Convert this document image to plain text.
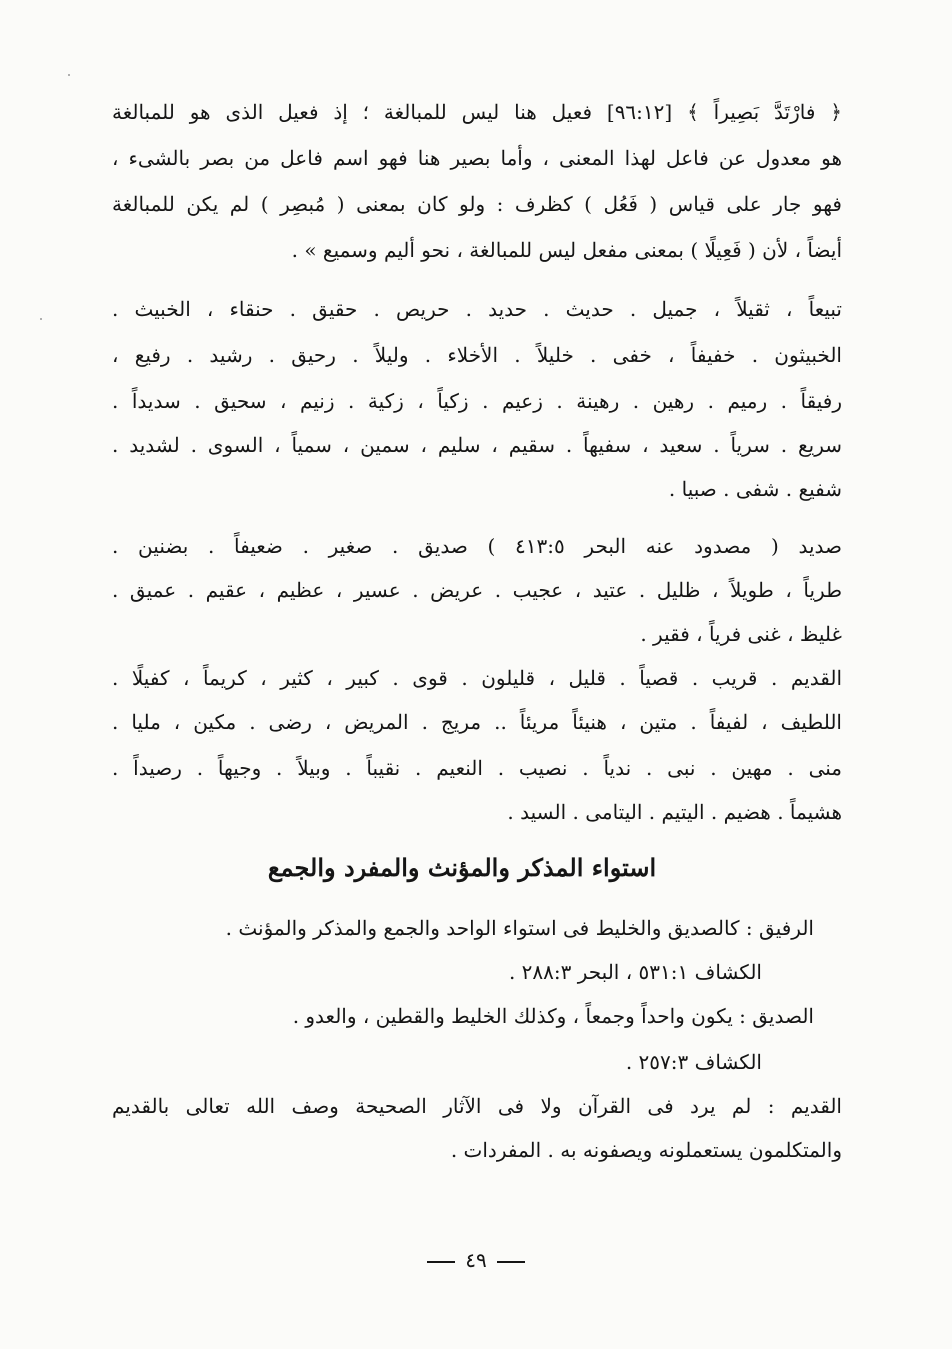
﴿ فارْتَدَّ بَصِيراً ﴾ [٩٦:١٢] فعيل هنا ليس للمبالغة ؛ إذ فعيل الذى هو للمبالغة
هو معدول عن فاعل لهذا المعنى ، وأما بصير هنا فهو اسم فاعل من بصر بالشىء ،
فهو جار على قياس ( فَعُل ) كظرف : ولو كان بمعنى ( مُبصِر ) لم يكن للمبالغة
أيضاً ، لأن ( فَعِيلًا ) بمعنى مفعل ليس للمبالغة ، نحو أليم وسميع » .
تبيعاً ، ثقيلاً ، جميل . حديث . حديد . حريص . حقيق . حنقاء ، الخبيث .
الخبيثون . خفيفاً ، خفى . خليلاً . الأخلاء . وليلاً . رحيق . رشيد . رفيع ،
رفيقاً . رميم . رهين . رهينة . زعيم . زكياً ، زكية . زنيم ، سحيق . سديداً .
سريع . سرياً . سعيد ، سفيهاً . سقيم ، سليم ، سمين ، سمياً ، السوى . لشديد .
شفيع . شفى . صبيا .
صديد ( مصدود عنه البحر ٤١٣:٥ ) صديق . صغير . ضعيفاً . بضنين .
طرياً ، طويلاً ، ظليل . عتيد ، عجيب . عريض . عسير ، عظيم ، عقيم . عميق .
غليظ ، غنى فرياً ، فقير .
القديم . قريب . قصياً . قليل ، قليلون . قوى . كبير ، كثير ، كريماً ، كفيلًا .
اللطيف ، لفيفاً . متين ، هنيئاً مريئاً .. مريج . المريض ، رضى . مكين ، مليا .
منى . مهين . نبى . ندياً . نصيب . النعيم . نقيباً . وبيلاً . وجيهاً . رصيداً .
هشيماً . هضيم . اليتيم . اليتامى . السيد .
استواء المذكر والمؤنث والمفرد والجمع
الرفيق : كالصديق والخليط فى استواء الواحد والجمع والمذكر والمؤنث .
الكشاف ٥٣١:١ ، البحر ٢٨٨:٣ .
الصديق : يكون واحداً وجمعاً ، وكذلك الخليط والقطين ، والعدو .
الكشاف ٢٥٧:٣ .
القديم : لم يرد فى القرآن ولا فى الآثار الصحيحة وصف الله تعالى بالقديم
والمتكلمون يستعملونه ويصفونه به . المفردات .
٤٩
